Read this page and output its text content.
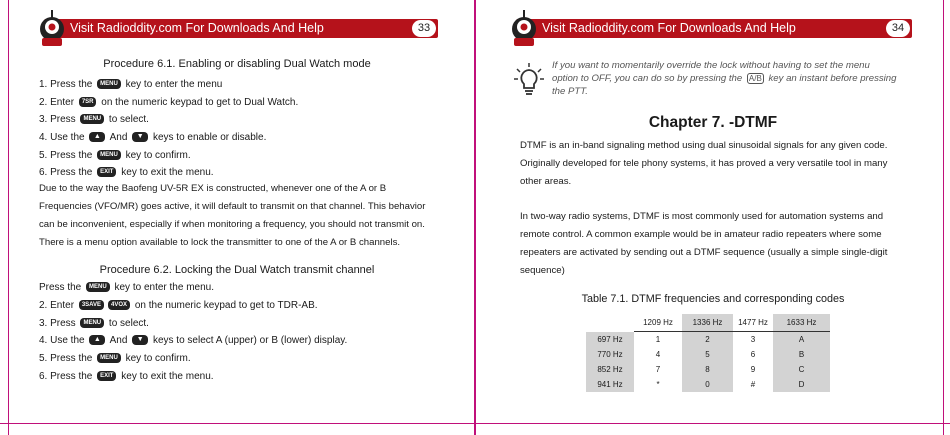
Visit Radioddity.com For Downloads And Help	33
Procedure 6.1. Enabling or disabling Dual Watch mode
1. Press the MENU key to enter the menu
2. Enter 7SR on the numeric keypad to get to Dual Watch.
3. Press MENU to select.
4. Use the ▲ And ▼ keys to enable or disable.
5. Press the MENU key to confirm.
6. Press the EXIT key to exit the menu.
Due to the way the Baofeng UV-5R EX is constructed, whenever one of the A or B
Frequencies (VFO/MR) goes active, it will default to transmit on that channel. This behavior
can be inconvenient, especially if when monitoring a frequency, you should not transmit on.
There is a menu option available to lock the transmitter to one of the A or B channels.
Procedure 6.2. Locking the Dual Watch transmit channel
Press the MENU key to enter the menu.
2. Enter 3SAVE 4VOX on the numeric keypad to get to TDR-AB.
3. Press MENU to select.
4. Use the ▲ And ▼ keys to select A (upper) or B (lower) display.
5. Press the MENU key to confirm.
6. Press the EXIT key to exit the menu.
Visit Radioddity.com For Downloads And Help	34
If you want to momentarily override the lock without having to set the menu
option to OFF, you can do so by pressing the A/B key an instant before pressing
the PTT.
Chapter 7. -DTMF
DTMF is an in-band signaling method using dual sinusoidal signals for any given code.
Originally developed for tele phony systems, it has proved a very versatile tool in many
other areas.
In two-way radio systems, DTMF is most commonly used for automation systems and
remote control. A common example would be in amateur radio repeaters where some
repeaters are activated by sending out a DTMF sequence (usually a simple single-digit
sequence)
Table 7.1. DTMF frequencies and corresponding codes
	1209 Hz	1336 Hz	1477 Hz	1633 Hz
697 Hz	1	2	3	A
770 Hz	4	5	6	B
852 Hz	7	8	9	C
941 Hz	*	0	#	D
